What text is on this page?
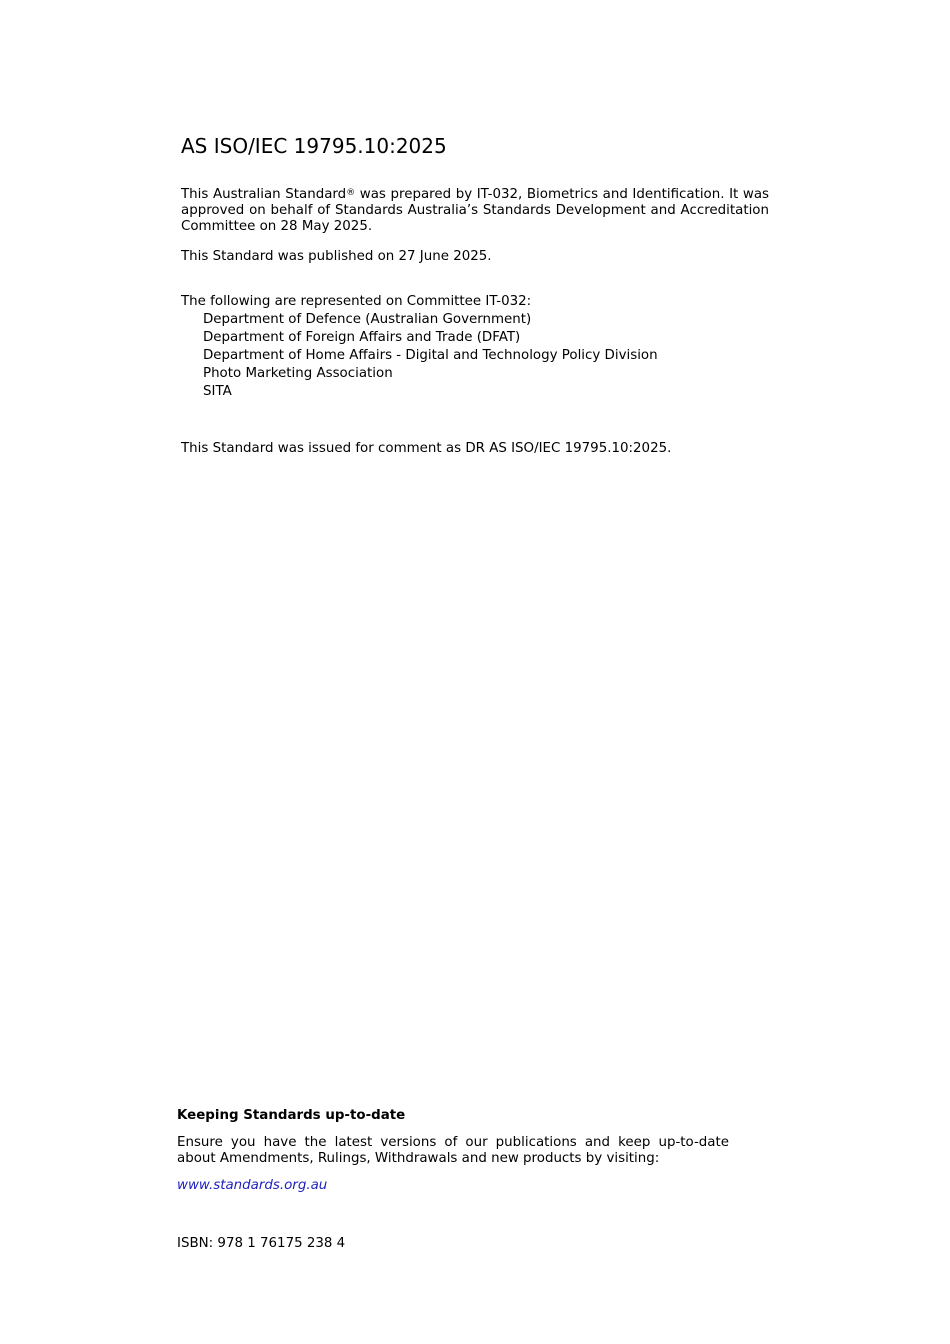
AS ISO/IEC 19795.10:2025
This Australian Standard® was prepared by IT-032, Biometrics and Identification. It was approved on behalf of Standards Australia’s Standards Development and Accreditation Committee on 28 May 2025.
This Standard was published on 27 June 2025.
The following are represented on Committee IT-032:
Department of Defence (Australian Government)
Department of Foreign Affairs and Trade (DFAT)
Department of Home Affairs - Digital and Technology Policy Division
Photo Marketing Association
SITA
This Standard was issued for comment as DR AS ISO/IEC 19795.10:2025.
Keeping Standards up-to-date
Ensure you have the latest versions of our publications and keep up-to-date about Amendments, Rulings, Withdrawals and new products by visiting:
www.standards.org.au
ISBN: 978 1 76175 238 4
